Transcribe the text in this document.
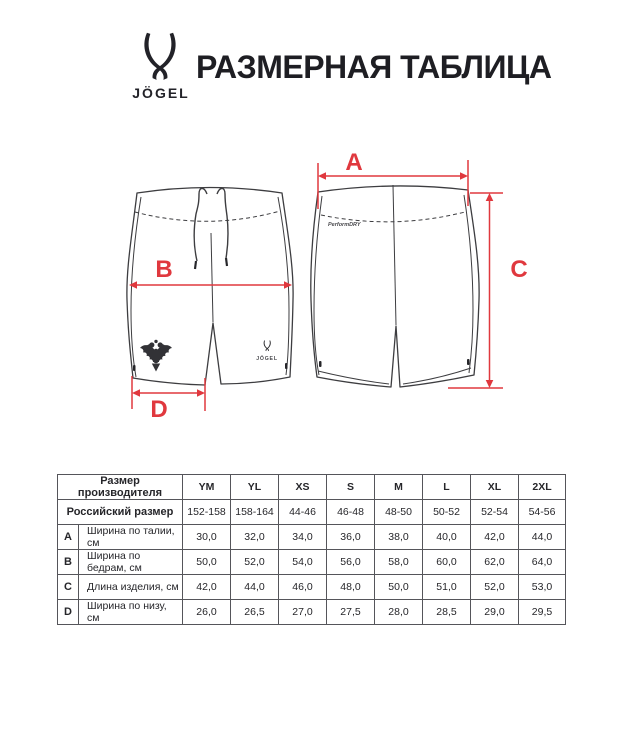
JÖGEL
РАЗМЕРНАЯ ТАБЛИЦА
JÖGEL
PerformDRY
A
B	C
D
Размер производителя		YM	YL	XS	S	M	L	XL	2XL
Российский размер		152-158	158-164	44-46	46-48	48-50	50-52	52-54	54-56
A	Ширина по талии, см	30,0	32,0	34,0	36,0	38,0	40,0	42,0	44,0
B	Ширина по бедрам, см	50,0	52,0	54,0	56,0	58,0	60,0	62,0	64,0
C	Длина изделия, см	42,0	44,0	46,0	48,0	50,0	51,0	52,0	53,0
D	Ширина по низу, см	26,0	26,5	27,0	27,5	28,0	28,5	29,0	29,5
